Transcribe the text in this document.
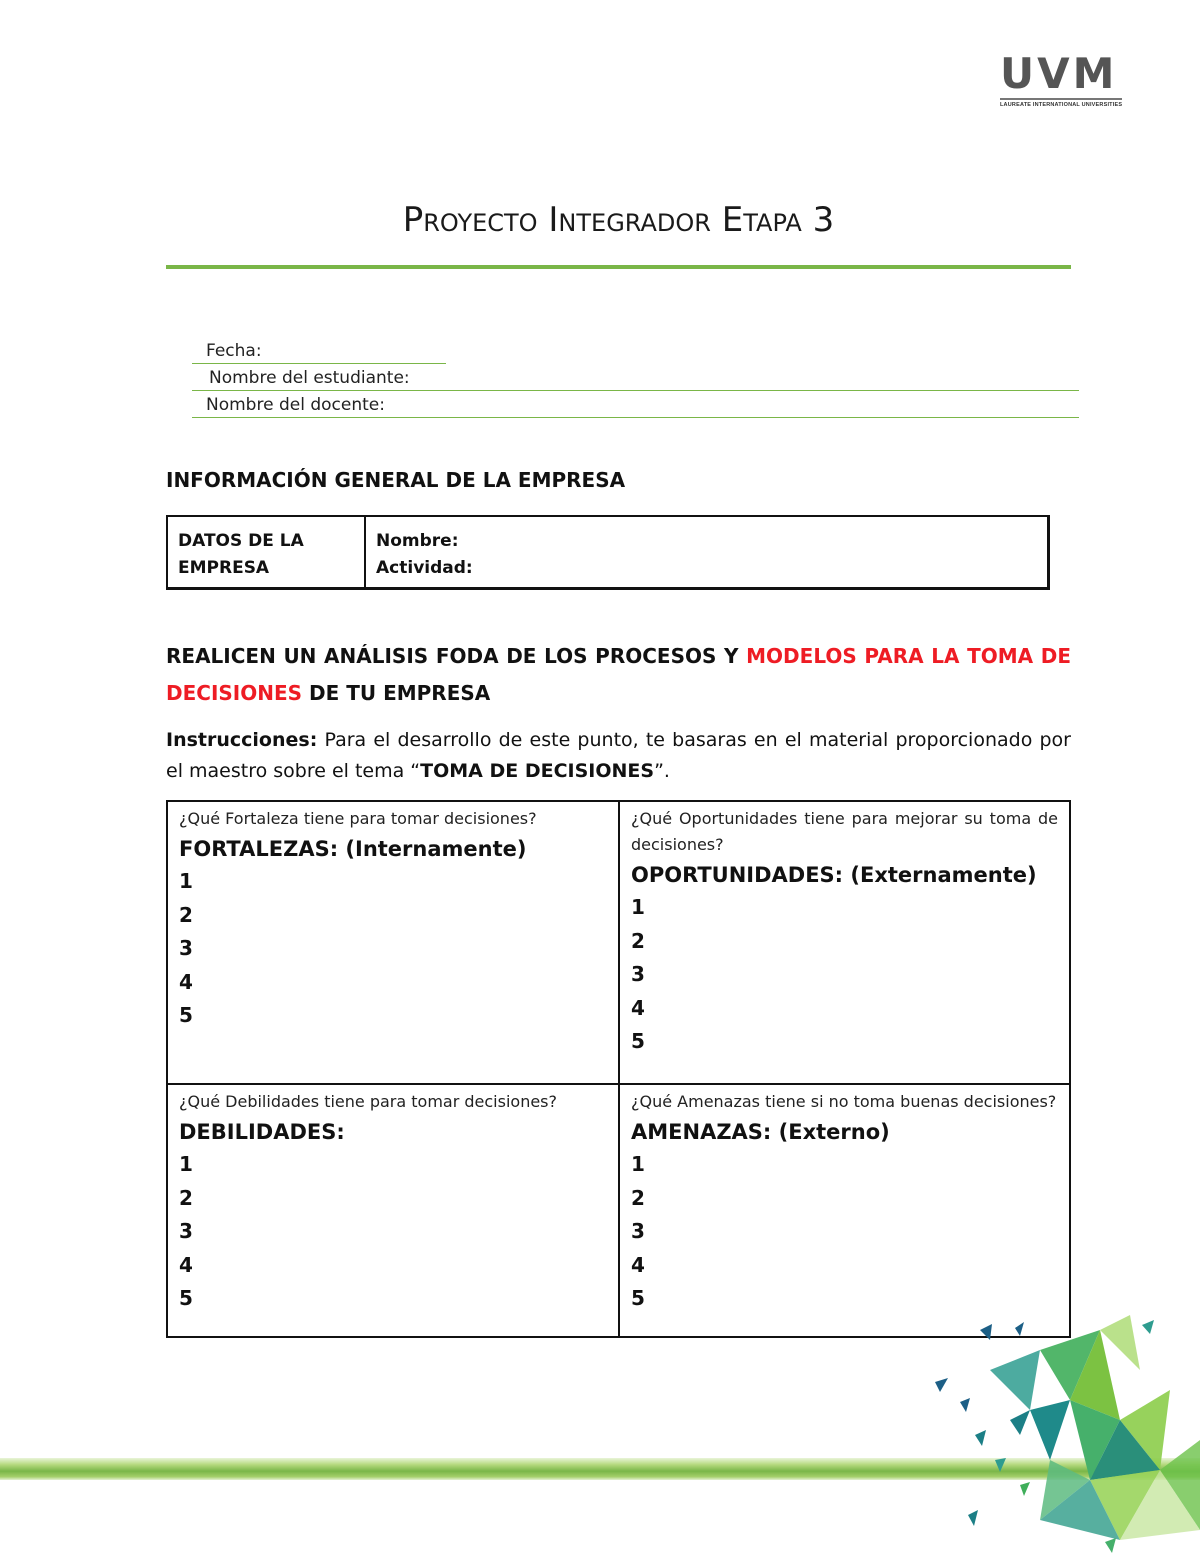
UVM
LAUREATE INTERNATIONAL UNIVERSITIES
Proyecto Integrador Etapa 3
Fecha:
Nombre del estudiante:
Nombre del docente:
INFORMACIÓN GENERAL DE LA EMPRESA
DATOS DE LA
EMPRESA
Nombre:
Actividad:
REALICEN UN ANÁLISIS FODA DE LOS PROCESOS Y MODELOS PARA LA TOMA DE DECISIONES DE TU EMPRESA
Instrucciones: Para el desarrollo de este punto, te basaras en el material proporcionado por el maestro sobre el tema “TOMA DE DECISIONES”.
¿Qué Fortaleza tiene para tomar decisiones?
FORTALEZAS: (Internamente)
1
2
3
4
5
¿Qué Oportunidades tiene para mejorar su toma de decisiones?
OPORTUNIDADES: (Externamente)
1
2
3
4
5
¿Qué Debilidades tiene para tomar decisiones?
DEBILIDADES:
1
2
3
4
5
¿Qué Amenazas tiene si no toma buenas decisiones?
AMENAZAS: (Externo)
1
2
3
4
5
